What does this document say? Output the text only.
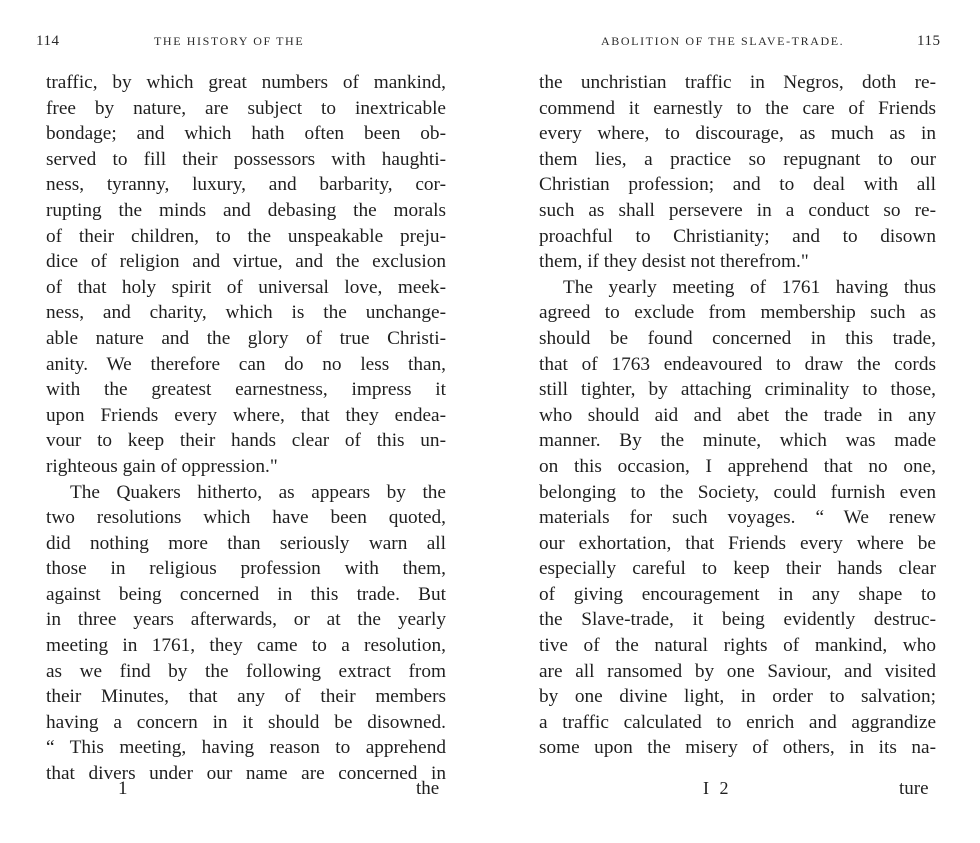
114	THE HISTORY OF THE
traffic, by which great numbers of mankind,
free by nature, are subject to inextricable
bondage; and which hath often been ob-
served to fill their possessors with haughti-
ness, tyranny, luxury, and barbarity, cor-
rupting the minds and debasing the morals
of their children, to the unspeakable preju-
dice of religion and virtue, and the exclusion
of that holy spirit of universal love, meek-
ness, and charity, which is the unchange-
able nature and the glory of true Christi-
anity. We therefore can do no less than,
with the greatest earnestness, impress it
upon Friends every where, that they endea-
vour to keep their hands clear of this un-
righteous gain of oppression."
The Quakers hitherto, as appears by the
two resolutions which have been quoted,
did nothing more than seriously warn all
those in religious profession with them,
against being concerned in this trade. But
in three years afterwards, or at the yearly
meeting in 1761, they came to a resolution,
as we find by the following extract from
their Minutes, that any of their members
having a concern in it should be disowned.
“ This meeting, having reason to apprehend
that divers under our name are concerned in
1	the
ABOLITION OF THE SLAVE-TRADE.	115
the unchristian traffic in Negros, doth re-
commend it earnestly to the care of Friends
every where, to discourage, as much as in
them lies, a practice so repugnant to our
Christian profession; and to deal with all
such as shall persevere in a conduct so re-
proachful to Christianity; and to disown
them, if they desist not therefrom."
The yearly meeting of 1761 having thus
agreed to exclude from membership such as
should be found concerned in this trade,
that of 1763 endeavoured to draw the cords
still tighter, by attaching criminality to those,
who should aid and abet the trade in any
manner. By the minute, which was made
on this occasion, I apprehend that no one,
belonging to the Society, could furnish even
materials for such voyages. “ We renew
our exhortation, that Friends every where be
especially careful to keep their hands clear
of giving encouragement in any shape to
the Slave-trade, it being evidently destruc-
tive of the natural rights of mankind, who
are all ransomed by one Saviour, and visited
by one divine light, in order to salvation;
a traffic calculated to enrich and aggrandize
some upon the misery of others, in its na-
I 2	ture
